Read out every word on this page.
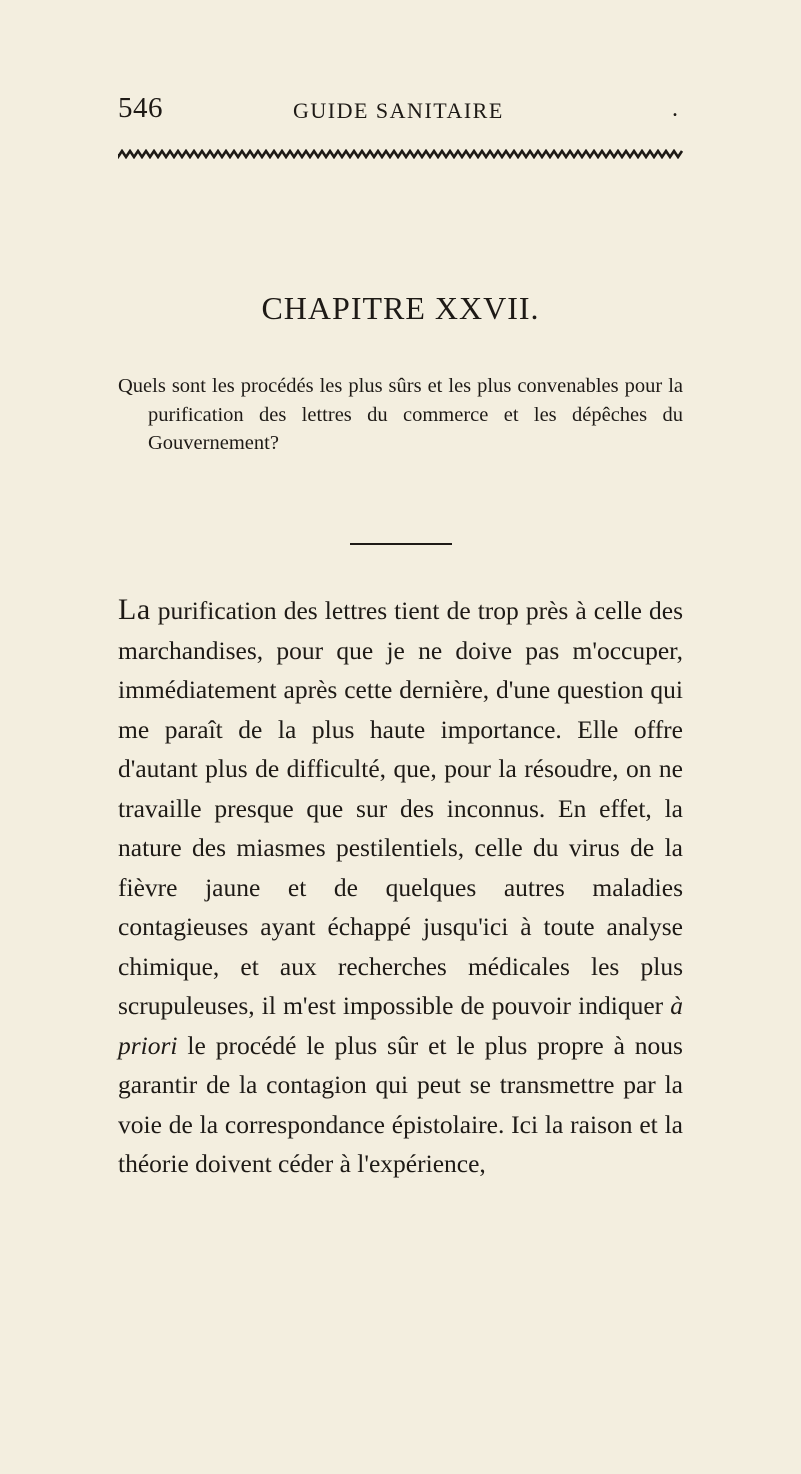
546	GUIDE SANITAIRE	.
CHAPITRE XXVII.

Quels sont les procédés les plus sûrs et les plus convenables pour la purification des lettres du commerce et les dépêches du Gouvernement?

La purification des lettres tient de trop près à celle des marchandises, pour que je ne doive pas m'occuper, immédiatement après cette dernière, d'une question qui me paraît de la plus haute importance. Elle offre d'autant plus de difficulté, que, pour la résoudre, on ne travaille presque que sur des inconnus. En effet, la nature des miasmes pestilentiels, celle du virus de la fièvre jaune et de quelques autres maladies contagieuses ayant échappé jusqu'ici à toute analyse chimique, et aux recherches médicales les plus scrupuleuses, il m'est impossible de pouvoir indiquer à priori le procédé le plus sûr et le plus propre à nous garantir de la contagion qui peut se transmettre par la voie de la correspondance épistolaire. Ici la raison et la théorie doivent céder à l'expérience,
